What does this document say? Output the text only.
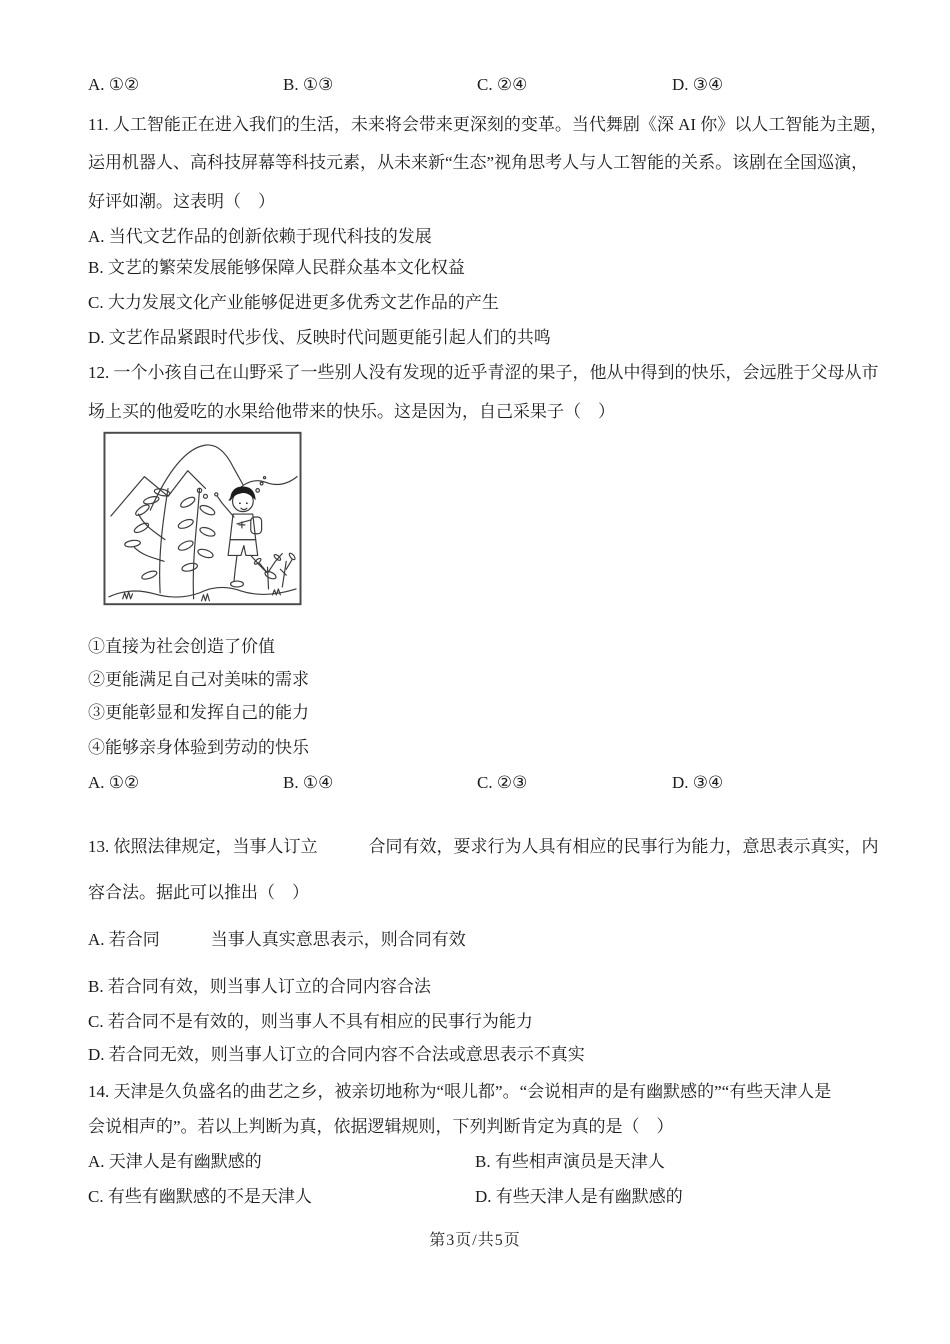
A. ①②	B. ①③	C. ②④	D. ③④
11. 人工智能正在进入我们的生活，未来将会带来更深刻的变革。当代舞剧《深 AI 你》以人工智能为主题，
运用机器人、高科技屏幕等科技元素，从未来新“生态”视角思考人与人工智能的关系。该剧在全国巡演，
好评如潮。这表明（　）
A. 当代文艺作品的创新依赖于现代科技的发展
B. 文艺的繁荣发展能够保障人民群众基本文化权益
C. 大力发展文化产业能够促进更多优秀文艺作品的产生
D. 文艺作品紧跟时代步伐、反映时代问题更能引起人们的共鸣
12. 一个小孩自己在山野采了一些别人没有发现的近乎青涩的果子，他从中得到的快乐，会远胜于父母从市
场上买的他爱吃的水果给他带来的快乐。这是因为，自己采果子（　）
①直接为社会创造了价值
②更能满足自己对美味的需求
③更能彰显和发挥自己的能力
④能够亲身体验到劳动的快乐
A. ①②	B. ①④	C. ②③	D. ③④
13. 依照法律规定，当事人订立　　　合同有效，要求行为人具有相应的民事行为能力，意思表示真实，内
容合法。据此可以推出（　）
A. 若合同　　　当事人真实意思表示，则合同有效
B. 若合同有效，则当事人订立的合同内容合法
C. 若合同不是有效的，则当事人不具有相应的民事行为能力
D. 若合同无效，则当事人订立的合同内容不合法或意思表示不真实
14. 天津是久负盛名的曲艺之乡，被亲切地称为“哏儿都”。“会说相声的是有幽默感的”“有些天津人是
会说相声的”。若以上判断为真，依据逻辑规则，下列判断肯定为真的是（　）
A. 天津人是有幽默感的	B. 有些相声演员是天津人
C. 有些有幽默感的不是天津人	D. 有些天津人是有幽默感的
第3页/共5页
